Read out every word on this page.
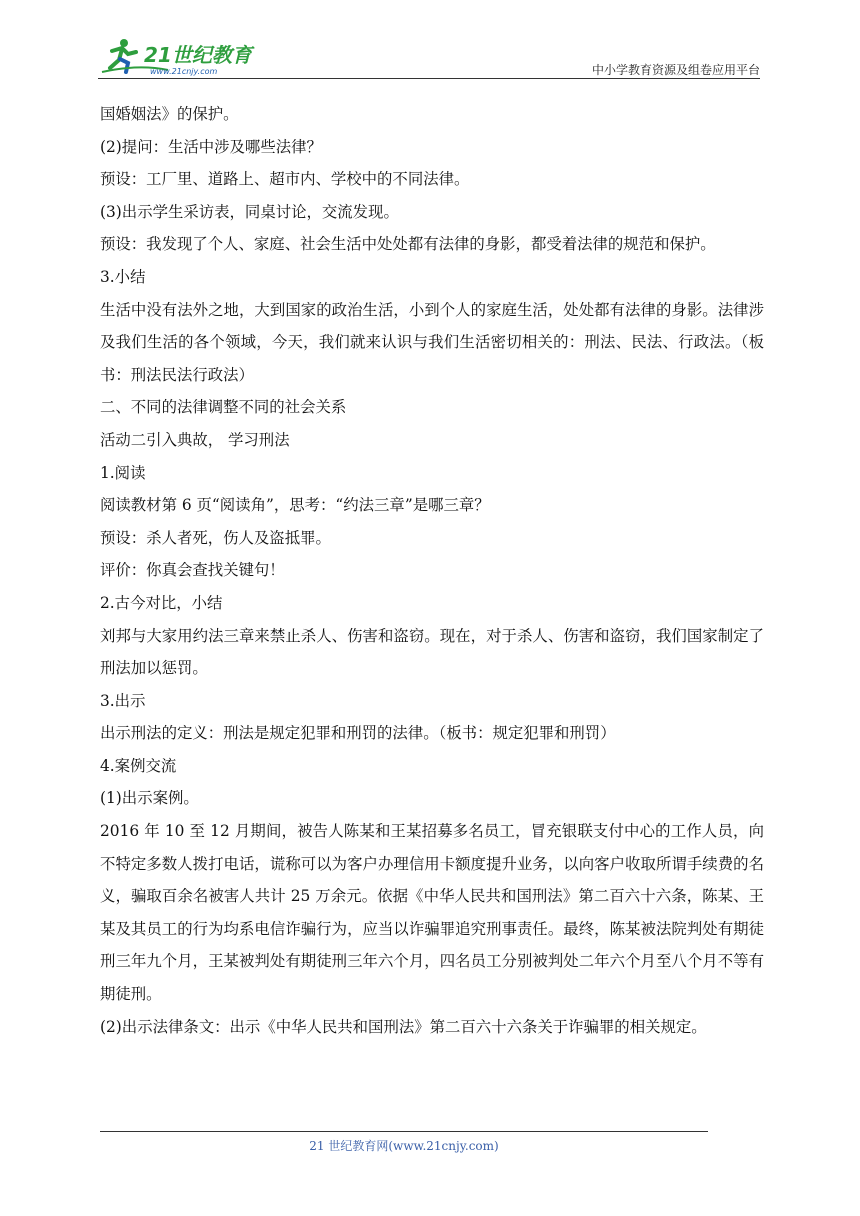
21世纪教育
www.21cnjy.com	中小学教育资源及组卷应用平台

国婚姻法》的保护。

(2)提问：生活中涉及哪些法律？

预设：工厂里、道路上、超市内、学校中的不同法律。

(3)出示学生采访表，同桌讨论，交流发现。

预设：我发现了个人、家庭、社会生活中处处都有法律的身影，都受着法律的规范和保护。

3.小结

生活中没有法外之地，大到国家的政治生活，小到个人的家庭生活，处处都有法律的身影。法律涉及我们生活的各个领域，今天，我们就来认识与我们生活密切相关的：刑法、民法、行政法。（板书：刑法民法行政法）

二、不同的法律调整不同的社会关系

活动二引入典故， 学习刑法

1.阅读

阅读教材第 6 页“阅读角”，思考：“约法三章”是哪三章？

预设：杀人者死，伤人及盗抵罪。

评价：你真会查找关键句！

2.古今对比，小结

刘邦与大家用约法三章来禁止杀人、伤害和盗窃。现在，对于杀人、伤害和盗窃，我们国家制定了刑法加以惩罚。

3.出示

出示刑法的定义：刑法是规定犯罪和刑罚的法律。（板书：规定犯罪和刑罚）

4.案例交流

(1)出示案例。

2016 年 10 至 12 月期间，被告人陈某和王某招募多名员工，冒充银联支付中心的工作人员，向不特定多数人拨打电话，谎称可以为客户办理信用卡额度提升业务，以向客户收取所谓手续费的名义，骗取百余名被害人共计 25 万余元。依据《中华人民共和国刑法》第二百六十六条，陈某、王某及其员工的行为均系电信诈骗行为，应当以诈骗罪追究刑事责任。最终，陈某被法院判处有期徒刑三年九个月，王某被判处有期徒刑三年六个月，四名员工分别被判处二年六个月至八个月不等有期徒刑。

(2)出示法律条文：出示《中华人民共和国刑法》第二百六十六条关于诈骗罪的相关规定。

21 世纪教育网(www.21cnjy.com)
